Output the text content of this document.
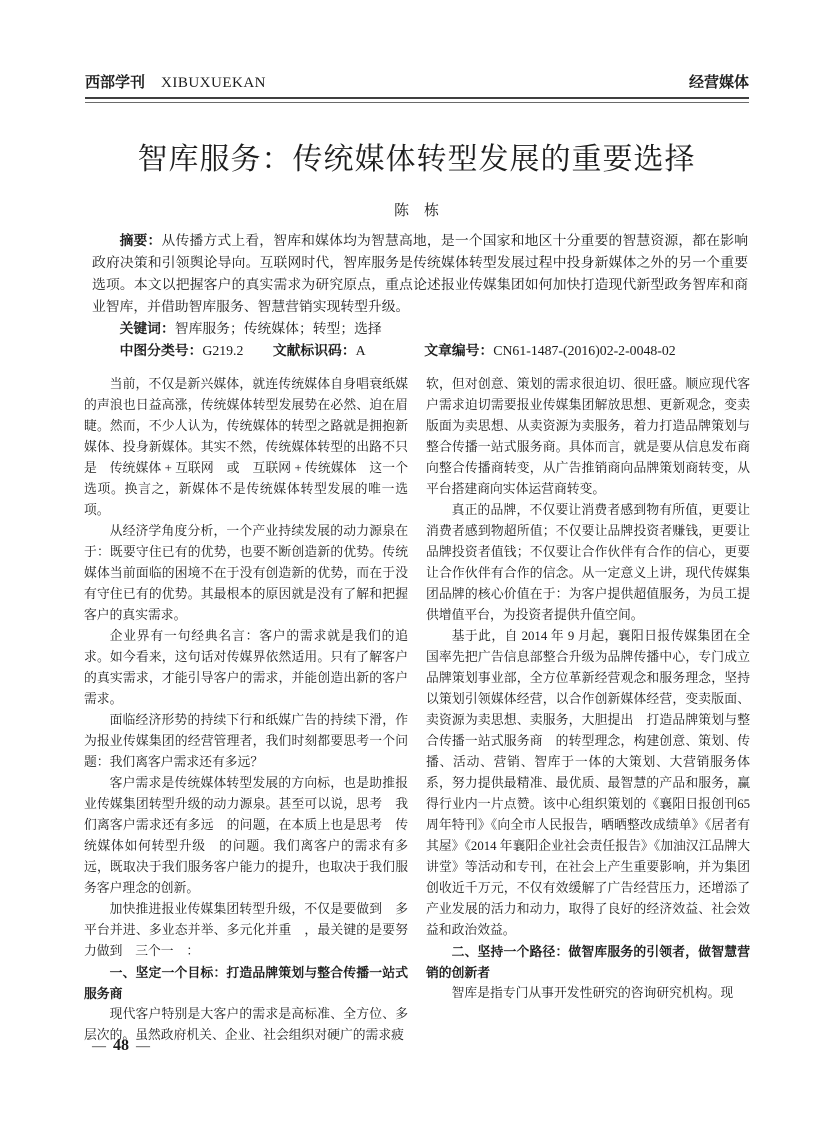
西部学刊 XIBUXUEKAN	经营媒体
智库服务：传统媒体转型发展的重要选择
陈　栋

摘要：从传播方式上看，智库和媒体均为智慧高地，是一个国家和地区十分重要的智慧资源，都在影响政府决策和引领舆论导向。互联网时代，智库服务是传统媒体转型发展过程中投身新媒体之外的另一个重要选项。本文以把握客户的真实需求为研究原点，重点论述报业传媒集团如何加快打造现代新型政务智库和商业智库，并借助智库服务、智慧营销实现转型升级。

关键词：智库服务；传统媒体；转型；选择

中图分类号：G219.2 文献标识码：A	文章编号：CN61-1487-(2016)02-2-0048-02

当前，不仅是新兴媒体，就连传统媒体自身唱衰纸媒的声浪也日益高涨，传统媒体转型发展势在必然、迫在眉睫。然而，不少人认为，传统媒体的转型之路就是拥抱新媒体、投身新媒体。其实不然，传统媒体转型的出路不只是　传统媒体 + 互联网　或　互联网 + 传统媒体　这一个选项。换言之，新媒体不是传统媒体转型发展的唯一选项。

从经济学角度分析，一个产业持续发展的动力源泉在于：既要守住已有的优势，也要不断创造新的优势。传统媒体当前面临的困境不在于没有创造新的优势，而在于没有守住已有的优势。其最根本的原因就是没有了解和把握客户的真实需求。

企业界有一句经典名言：客户的需求就是我们的追求。如今看来，这句话对传媒界依然适用。只有了解客户的真实需求，才能引导客户的需求，并能创造出新的客户需求。

面临经济形势的持续下行和纸媒广告的持续下滑，作为报业传媒集团的经营管理者，我们时刻都要思考一个问题：我们离客户需求还有多远？

客户需求是传统媒体转型发展的方向标，也是助推报业传媒集团转型升级的动力源泉。甚至可以说，思考　我们离客户需求还有多远　的问题，在本质上也是思考　传统媒体如何转型升级　的问题。我们离客户的需求有多远，既取决于我们服务客户能力的提升，也取决于我们服务客户理念的创新。

加快推进报业传媒集团转型升级，不仅是要做到　多平台并进、多业态并举、多元化并重　，最关键的是要努力做到　三个一　：

一、坚定一个目标：打造品牌策划与整合传播一站式服务商

现代客户特别是大客户的需求是高标准、全方位、多层次的。虽然政府机关、企业、社会组织对硬广的需求疲

软，但对创意、策划的需求很迫切、很旺盛。顺应现代客户需求迫切需要报业传媒集团解放思想、更新观念，变卖版面为卖思想、从卖资源为卖服务，着力打造品牌策划与整合传播一站式服务商。具体而言，就是要从信息发布商向整合传播商转变，从广告推销商向品牌策划商转变，从平台搭建商向实体运营商转变。

真正的品牌，不仅要让消费者感到物有所值，更要让消费者感到物超所值；不仅要让品牌投资者赚钱，更要让品牌投资者值钱；不仅要让合作伙伴有合作的信心，更要让合作伙伴有合作的信念。从一定意义上讲，现代传媒集团品牌的核心价值在于：为客户提供超值服务，为员工提供增值平台，为投资者提供升值空间。

基于此，自 2014 年 9 月起，襄阳日报传媒集团在全国率先把广告信息部整合升级为品牌传播中心，专门成立品牌策划事业部，全方位革新经营观念和服务理念，坚持以策划引领媒体经营，以合作创新媒体经营，变卖版面、卖资源为卖思想、卖服务，大胆提出　打造品牌策划与整合传播一站式服务商　的转型理念，构建创意、策划、传播、活动、营销、智库于一体的大策划、大营销服务体系，努力提供最精准、最优质、最智慧的产品和服务，赢得行业内一片点赞。该中心组织策划的《襄阳日报创刊65 周年特刊》《向全市人民报告，晒晒整改成绩单》《居者有其屋》《2014 年襄阳企业社会责任报告》《加油汉江品牌大讲堂》等活动和专刊，在社会上产生重要影响，并为集团创收近千万元，不仅有效缓解了广告经营压力，还增添了产业发展的活力和动力，取得了良好的经济效益、社会效益和政治效益。

二、坚持一个路径：做智库服务的引领者，做智慧营销的创新者

智库是指专门从事开发性研究的咨询研究机构。现

— 48 —
